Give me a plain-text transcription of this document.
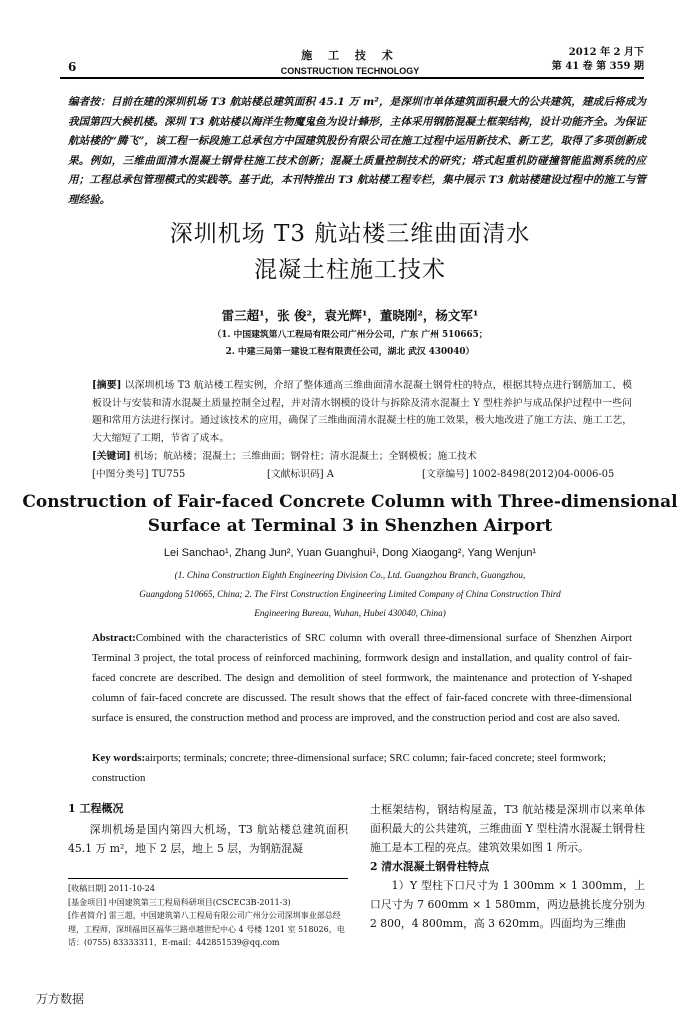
6
施 工 技 术
CONSTRUCTION TECHNOLOGY
2012 年 2 月下
第 41 卷 第 359 期
编者按：目前在建的深圳机场 T3 航站楼总建筑面积 45.1 万 m²，是深圳市单体建筑面积最大的公共建筑，建成后将成为我国第四大候机楼。深圳 T3 航站楼以海洋生物魔鬼鱼为设计蜂形，主体采用钢筋混凝土框架结构，设计功能齐全。为保证航站楼的“腾飞”，该工程一标段施工总承包方中国建筑股份有限公司在施工过程中运用新技术、新工艺，取得了多项创新成果。例如，三维曲面清水混凝土钢骨柱施工技术创新；混凝土质量控制技术的研究；塔式起重机防碰撞智能监测系统的应用；工程总承包管理模式的实践等。基于此，本刊特推出 T3 航站楼工程专栏，集中展示 T3 航站楼建设过程中的施工与管理经验。
深圳机场 T3 航站楼三维曲面清水
混凝土柱施工技术
雷三超¹，张 俊²，袁光辉¹，董晓刚²，杨文军¹
（1. 中国建筑第八工程局有限公司广州分公司，广东 广州 510665；
2. 中建三局第一建设工程有限责任公司，湖北 武汉 430040）
[摘要] 以深圳机场 T3 航站楼工程实例，介绍了整体通高三维曲面清水混凝土钢骨柱的特点，根据其特点进行钢筋加工、模板设计与安装和清水混凝土质量控制全过程，并对清水钢模的设计与拆除及清水混凝土 Y 型柱养护与成品保护过程中一些问题和常用方法进行探讨。通过该技术的应用，确保了三维曲面清水混凝土柱的施工效果，极大地改进了施工方法、施工工艺，大大缩短了工期，节省了成本。
[关键词] 机场；航站楼；混凝土；三维曲面；钢骨柱；清水混凝土；全钢模板；施工技术
[中图分类号] TU755	[文献标识码] A	[文章编号] 1002-8498(2012)04-0006-05
Construction of Fair-faced Concrete Column with Three-dimensional
Surface at Terminal 3 in Shenzhen Airport
Lei Sanchao¹, Zhang Jun², Yuan Guanghui¹, Dong Xiaogang², Yang Wenjun¹
(1. China Construction Eighth Engineering Division Co., Ltd. Guangzhou Branch, Guangzhou,
Guangdong 510665, China; 2. The First Construction Engineering Limited Company of China Construction Third
Engineering Bureau, Wuhan, Hubei 430040, China)
Abstract:Combined with the characteristics of SRC column with overall three-dimensional surface of Shenzhen Airport Terminal 3 project, the total process of reinforced machining, formwork design and installation, and quality control of fair-faced concrete are described. The design and demolition of steel formwork, the maintenance and protection of Y-shaped column of fair-faced concrete are discussed. The result shows that the effect of fair-faced concrete with three-dimensional surface is ensured, the construction method and process are improved, and the construction period and cost are also saved.
Key words:airports; terminals; concrete; three-dimensional surface; SRC column; fair-faced concrete; steel formwork; construction
1 工程概况
深圳机场是国内第四大机场，T3 航站楼总建筑面积 45.1 万 m²，地下 2 层，地上 5 层，为钢筋混凝
[收稿日期] 2011-10-24
[基金项目] 中国建筑第三工程局科研项目(CSCEC3B-2011-3)
[作者简介] 雷三超，中国建筑第八工程局有限公司广州分公司深圳事业部总经理，工程师，深圳福田区福华三路卓越世纪中心 4 号楼 1201 室 518026，电话：(0755) 83333311，E-mail：442851539@qq.com
土框架结构，钢结构屋盖，T3 航站楼是深圳市以来单体面积最大的公共建筑，三维曲面 Y 型柱清水混凝土钢骨柱施工是本工程的亮点。建筑效果如图 1 所示。
2 清水混凝土钢骨柱特点
1）Y 型柱下口尺寸为 1 300mm × 1 300mm，上口尺寸为 7 600mm × 1 580mm，两边悬挑长度分别为 2 800，4 800mm，高 3 620mm。四面均为三维曲
万方数据
